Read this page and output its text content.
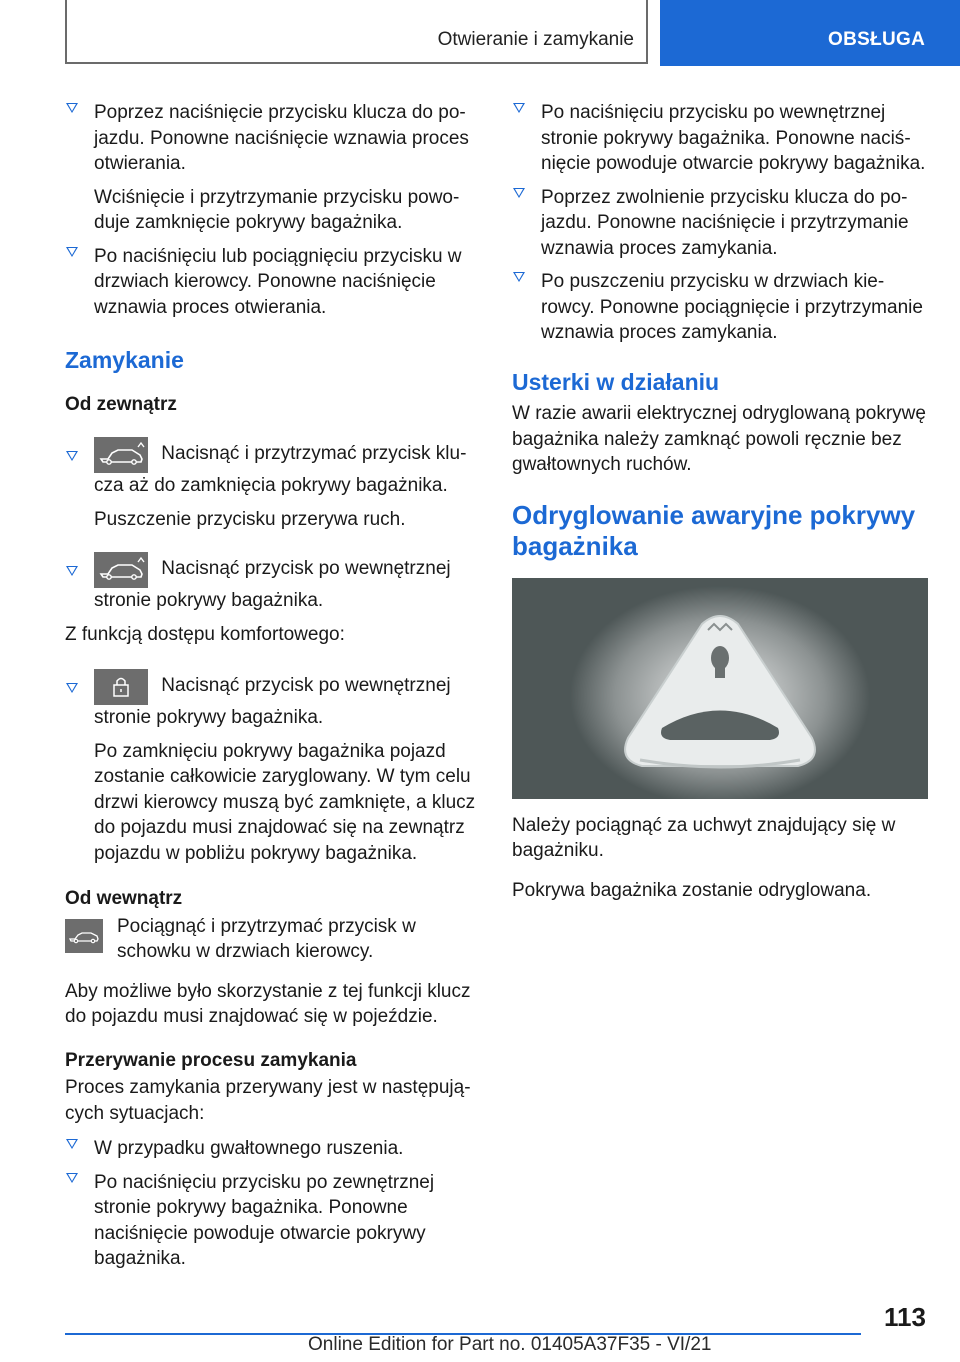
Otwieranie i zamykanie	OBSŁUGA
Poprzez naciśnięcie przycisku klucza do pojazdu. Ponowne naciśnięcie wznawia proces otwierania.
Wciśnięcie i przytrzymanie przycisku powoduje zamknięcie pokrywy bagażnika.
Po naciśnięciu lub pociągnięciu przycisku w drzwiach kierowcy. Ponowne naciśnięcie wznawia proces otwierania.
Zamykanie
Od zewnątrz
Nacisnąć i przytrzymać przycisk klucza aż do zamknięcia pokrywy bagażnika.
Puszczenie przycisku przerywa ruch.
Nacisnąć przycisk po wewnętrznej stronie pokrywy bagażnika.
Z funkcją dostępu komfortowego:
Nacisnąć przycisk po wewnętrznej stronie pokrywy bagażnika.
Po zamknięciu pokrywy bagażnika pojazd zostanie całkowicie zaryglowany. W tym celu drzwi kierowcy muszą być zamknięte, a klucz do pojazdu musi znajdować się na zewnątrz pojazdu w pobliżu pokrywy bagażnika.
Od wewnątrz
Pociągnąć i przytrzymać przycisk w schowku w drzwiach kierowcy.
Aby możliwe było skorzystanie z tej funkcji klucz do pojazdu musi znajdować się w pojeździe.
Przerywanie procesu zamykania
Proces zamykania przerywany jest w następujących sytuacjach:
W przypadku gwałtownego ruszenia.
Po naciśnięciu przycisku po zewnętrznej stronie pokrywy bagażnika. Ponowne naciśnięcie powoduje otwarcie pokrywy bagażnika.
Po naciśnięciu przycisku po wewnętrznej stronie pokrywy bagażnika. Ponowne naciśnięcie powoduje otwarcie pokrywy bagażnika.
Poprzez zwolnienie przycisku klucza do pojazdu. Ponowne naciśnięcie i przytrzymanie wznawia proces zamykania.
Po puszczeniu przycisku w drzwiach kierowcy. Ponowne pociągnięcie i przytrzymanie wznawia proces zamykania.
Usterki w działaniu
W razie awarii elektrycznej odryglowaną pokrywę bagażnika należy zamknąć powoli ręcznie bez gwałtownych ruchów.
Odryglowanie awaryjne pokrywy bagażnika
Należy pociągnąć za uchwyt znajdujący się w bagażniku.
Pokrywa bagażnika zostanie odryglowana.
113
Online Edition for Part no. 01405A37F35 - VI/21
